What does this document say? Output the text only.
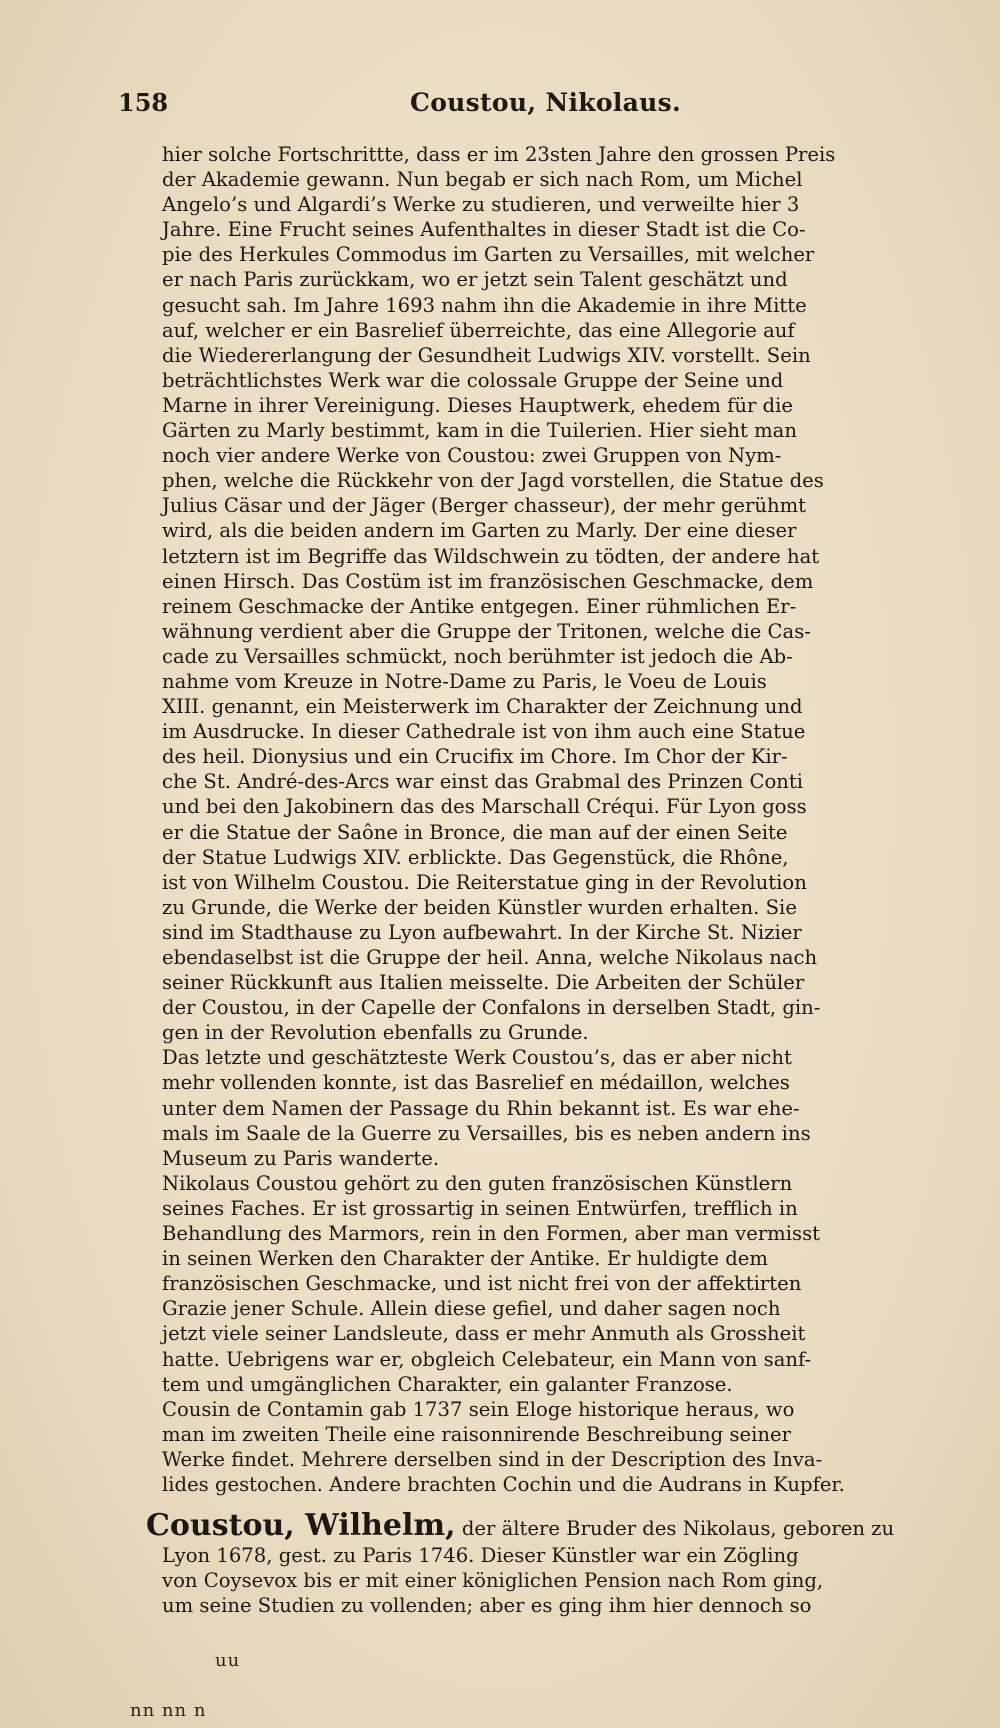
158	Coustou, Nikolaus.
hier solche Fortschrittte, dass er im 23sten Jahre den grossen Preis
der Akademie gewann. Nun begab er sich nach Rom, um Michel
Angelo’s und Algardi’s Werke zu studieren, und verweilte hier 3
Jahre. Eine Frucht seines Aufenthaltes in dieser Stadt ist die Co-
pie des Herkules Commodus im Garten zu Versailles, mit welcher
er nach Paris zurückkam, wo er jetzt sein Talent geschätzt und
gesucht sah. Im Jahre 1693 nahm ihn die Akademie in ihre Mitte
auf, welcher er ein Basrelief überreichte, das eine Allegorie auf
die Wiedererlangung der Gesundheit Ludwigs XIV. vorstellt. Sein
beträchtlichstes Werk war die colossale Gruppe der Seine und
Marne in ihrer Vereinigung. Dieses Hauptwerk, ehedem für die
Gärten zu Marly bestimmt, kam in die Tuilerien. Hier sieht man
noch vier andere Werke von Coustou: zwei Gruppen von Nym-
phen, welche die Rückkehr von der Jagd vorstellen, die Statue des
Julius Cäsar und der Jäger (Berger chasseur), der mehr gerühmt
wird, als die beiden andern im Garten zu Marly. Der eine dieser
letztern ist im Begriffe das Wildschwein zu tödten, der andere hat
einen Hirsch. Das Costüm ist im französischen Geschmacke, dem
reinem Geschmacke der Antike entgegen. Einer rühmlichen Er-
wähnung verdient aber die Gruppe der Tritonen, welche die Cas-
cade zu Versailles schmückt, noch berühmter ist jedoch die Ab-
nahme vom Kreuze in Notre-Dame zu Paris, le Voeu de Louis
XIII. genannt, ein Meisterwerk im Charakter der Zeichnung und
im Ausdrucke. In dieser Cathedrale ist von ihm auch eine Statue
des heil. Dionysius und ein Crucifix im Chore. Im Chor der Kir-
che St. André-des-Arcs war einst das Grabmal des Prinzen Conti
und bei den Jakobinern das des Marschall Créqui. Für Lyon goss
er die Statue der Saône in Bronce, die man auf der einen Seite
der Statue Ludwigs XIV. erblickte. Das Gegenstück, die Rhône,
ist von Wilhelm Coustou. Die Reiterstatue ging in der Revolution
zu Grunde, die Werke der beiden Künstler wurden erhalten. Sie
sind im Stadthause zu Lyon aufbewahrt. In der Kirche St. Nizier
ebendaselbst ist die Gruppe der heil. Anna, welche Nikolaus nach
seiner Rückkunft aus Italien meisselte. Die Arbeiten der Schüler
der Coustou, in der Capelle der Confalons in derselben Stadt, gin-
gen in der Revolution ebenfalls zu Grunde.
Das letzte und geschätzteste Werk Coustou’s, das er aber nicht
mehr vollenden konnte, ist das Basrelief en médaillon, welches
unter dem Namen der Passage du Rhin bekannt ist. Es war ehe-
mals im Saale de la Guerre zu Versailles, bis es neben andern ins
Museum zu Paris wanderte.
Nikolaus Coustou gehört zu den guten französischen Künstlern
seines Faches. Er ist grossartig in seinen Entwürfen, trefflich in
Behandlung des Marmors, rein in den Formen, aber man vermisst
in seinen Werken den Charakter der Antike. Er huldigte dem
französischen Geschmacke, und ist nicht frei von der affektirten
Grazie jener Schule. Allein diese gefiel, und daher sagen noch
jetzt viele seiner Landsleute, dass er mehr Anmuth als Grossheit
hatte. Uebrigens war er, obgleich Celebateur, ein Mann von sanf-
tem und umgänglichen Charakter, ein galanter Franzose.
Cousin de Contamin gab 1737 sein Eloge historique heraus, wo
man im zweiten Theile eine raisonnirende Beschreibung seiner
Werke findet. Mehrere derselben sind in der Description des Inva-
lides gestochen. Andere brachten Cochin und die Audrans in Kupfer.
Coustou, Wilhelm, der ältere Bruder des Nikolaus, geboren zu
Lyon 1678, gest. zu Paris 1746. Dieser Künstler war ein Zögling
von Coysevox bis er mit einer königlichen Pension nach Rom ging,
um seine Studien zu vollenden; aber es ging ihm hier dennoch so
uu
nn nn n
